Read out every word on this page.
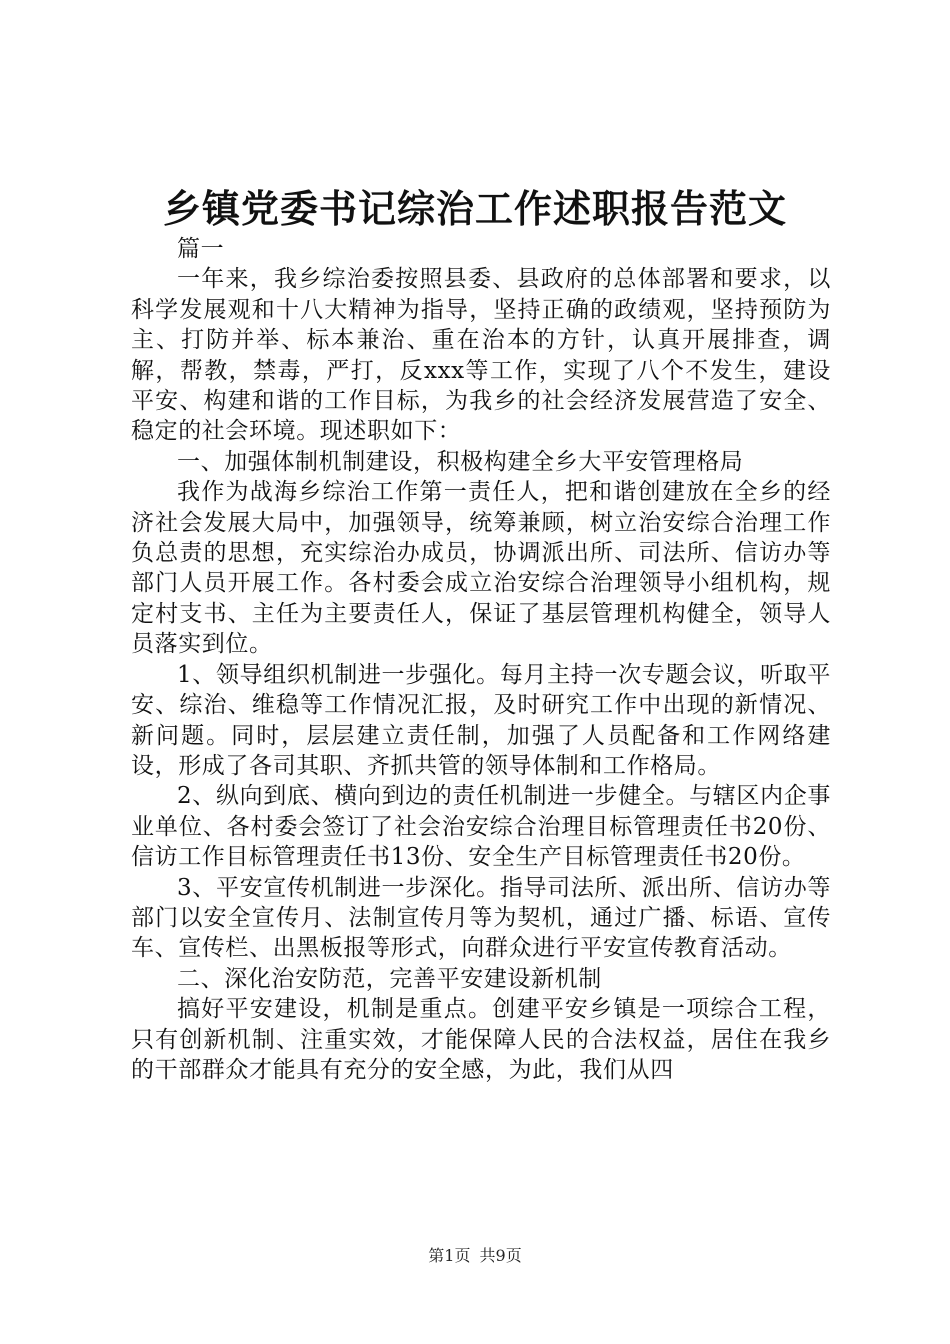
乡镇党委书记综治工作述职报告范文

篇一

一年来，我乡综治委按照县委、县政府的总体部署和要求，以科学发展观和十八大精神为指导，坚持正确的政绩观，坚持预防为主、打防并举、标本兼治、重在治本的方针，认真开展排查，调解，帮教，禁毒，严打，反xxx等工作，实现了八个不发生，建设平安、构建和谐的工作目标，为我乡的社会经济发展营造了安全、稳定的社会环境。现述职如下：

一、加强体制机制建设，积极构建全乡大平安管理格局

我作为战海乡综治工作第一责任人，把和谐创建放在全乡的经济社会发展大局中，加强领导，统筹兼顾，树立治安综合治理工作负总责的思想，充实综治办成员，协调派出所、司法所、信访办等部门人员开展工作。各村委会成立治安综合治理领导小组机构，规定村支书、主任为主要责任人，保证了基层管理机构健全，领导人员落实到位。

1、领导组织机制进一步强化。每月主持一次专题会议，听取平安、综治、维稳等工作情况汇报，及时研究工作中出现的新情况、新问题。同时，层层建立责任制，加强了人员配备和工作网络建设，形成了各司其职、齐抓共管的领导体制和工作格局。

2、纵向到底、横向到边的责任机制进一步健全。与辖区内企事业单位、各村委会签订了社会治安综合治理目标管理责任书20份、信访工作目标管理责任书13份、安全生产目标管理责任书20份。

3、平安宣传机制进一步深化。指导司法所、派出所、信访办等部门以安全宣传月、法制宣传月等为契机，通过广播、标语、宣传车、宣传栏、出黑板报等形式，向群众进行平安宣传教育活动。

二、深化治安防范，完善平安建设新机制

搞好平安建设，机制是重点。创建平安乡镇是一项综合工程，只有创新机制、注重实效，才能保障人民的合法权益，居住在我乡的干部群众才能具有充分的安全感，为此，我们从四

第1页 共9页
